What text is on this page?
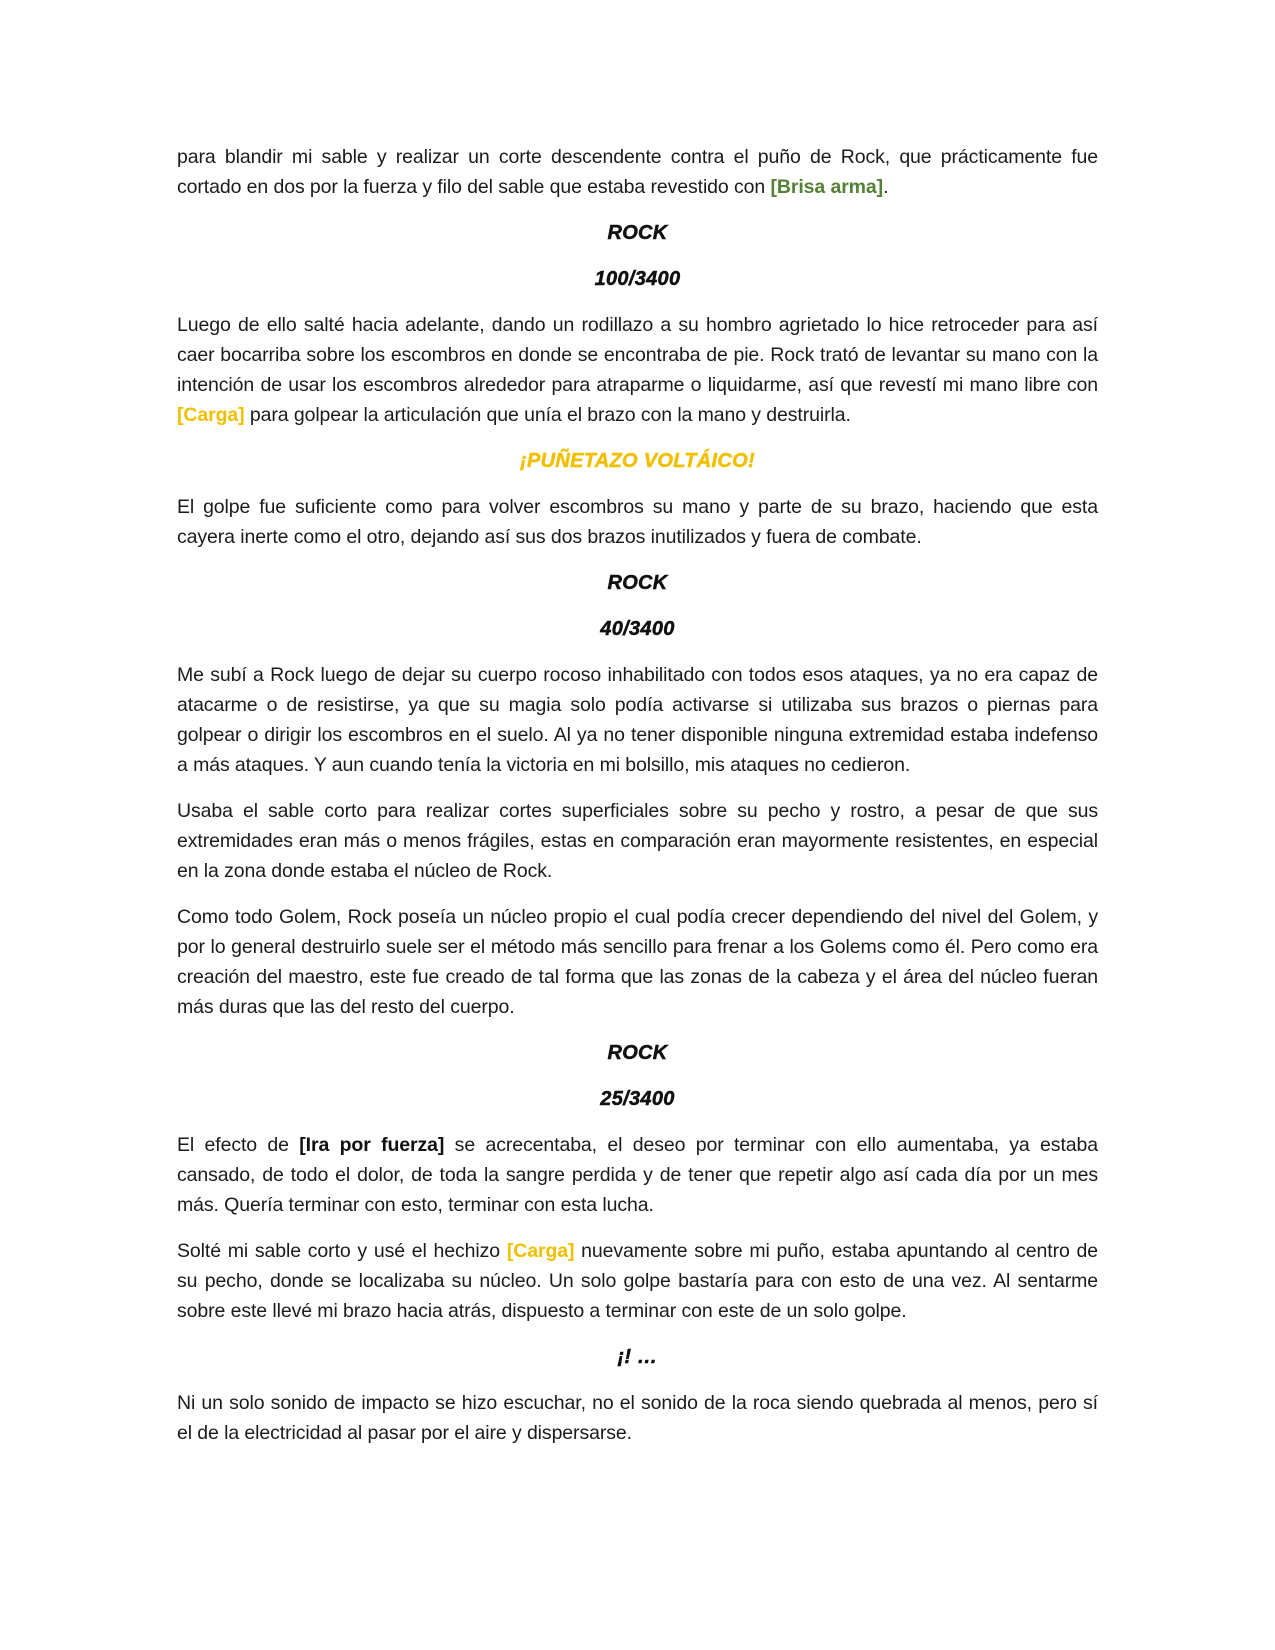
para blandir mi sable y realizar un corte descendente contra el puño de Rock, que prácticamente fue cortado en dos por la fuerza y filo del sable que estaba revestido con [Brisa arma].

ROCK
100/3400

Luego de ello salté hacia adelante, dando un rodillazo a su hombro agrietado lo hice retroceder para así caer bocarriba sobre los escombros en donde se encontraba de pie. Rock trató de levantar su mano con la intención de usar los escombros alrededor para atraparme o liquidarme, así que revestí mi mano libre con [Carga] para golpear la articulación que unía el brazo con la mano y destruirla.

¡PUÑETAZO VOLTÁICO!

El golpe fue suficiente como para volver escombros su mano y parte de su brazo, haciendo que esta cayera inerte como el otro, dejando así sus dos brazos inutilizados y fuera de combate.

ROCK
40/3400

Me subí a Rock luego de dejar su cuerpo rocoso inhabilitado con todos esos ataques, ya no era capaz de atacarme o de resistirse, ya que su magia solo podía activarse si utilizaba sus brazos o piernas para golpear o dirigir los escombros en el suelo. Al ya no tener disponible ninguna extremidad estaba indefenso a más ataques. Y aun cuando tenía la victoria en mi bolsillo, mis ataques no cedieron.

Usaba el sable corto para realizar cortes superficiales sobre su pecho y rostro, a pesar de que sus extremidades eran más o menos frágiles, estas en comparación eran mayormente resistentes, en especial en la zona donde estaba el núcleo de Rock.

Como todo Golem, Rock poseía un núcleo propio el cual podía crecer dependiendo del nivel del Golem, y por lo general destruirlo suele ser el método más sencillo para frenar a los Golems como él. Pero como era creación del maestro, este fue creado de tal forma que las zonas de la cabeza y el área del núcleo fueran más duras que las del resto del cuerpo.

ROCK
25/3400

El efecto de [Ira por fuerza] se acrecentaba, el deseo por terminar con ello aumentaba, ya estaba cansado, de todo el dolor, de toda la sangre perdida y de tener que repetir algo así cada día por un mes más. Quería terminar con esto, terminar con esta lucha.

Solté mi sable corto y usé el hechizo [Carga] nuevamente sobre mi puño, estaba apuntando al centro de su pecho, donde se localizaba su núcleo. Un solo golpe bastaría para con esto de una vez. Al sentarme sobre este llevé mi brazo hacia atrás, dispuesto a terminar con este de un solo golpe.

¡! …

Ni un solo sonido de impacto se hizo escuchar, no el sonido de la roca siendo quebrada al menos, pero sí el de la electricidad al pasar por el aire y dispersarse.
